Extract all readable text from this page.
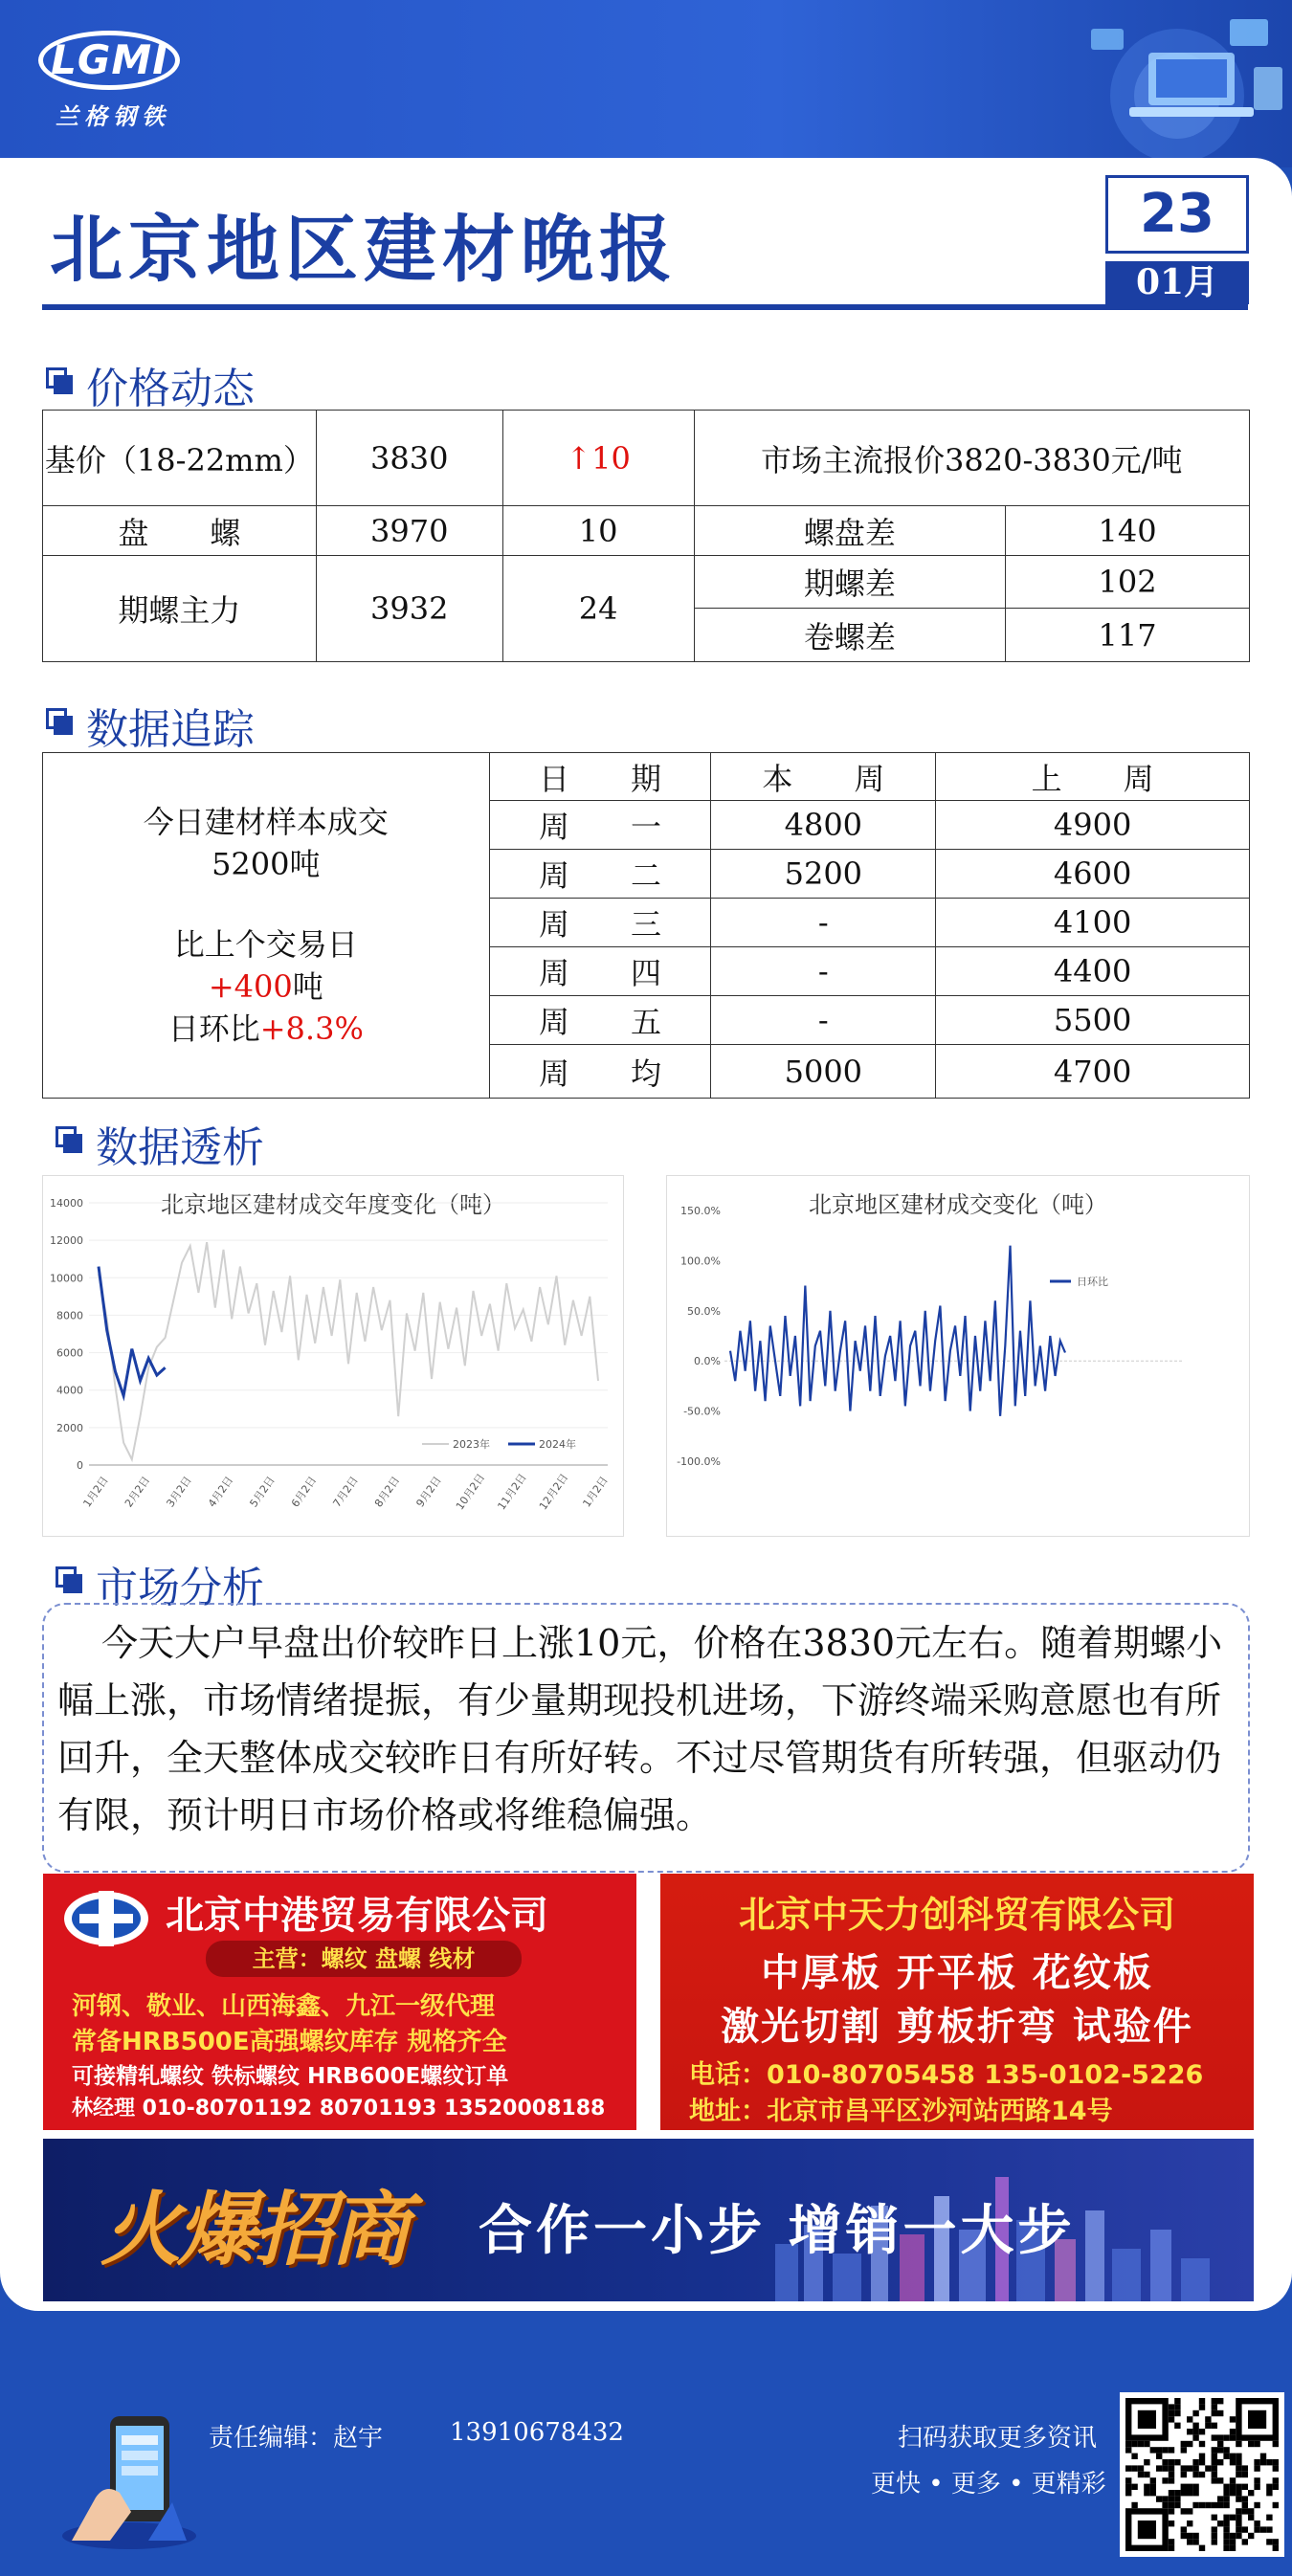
LGMI
兰格钢铁
北京地区建材晚报	23
01月
价格动态
基价（18-22mm）	3830	↑10	市场主流报价3820-3830元/吨	
盘　　螺	3970	10	螺盘差	140
期螺主力	3932	24	期螺差	102
			卷螺差	117
数据追踪
今日建材样本成交
5200吨
比上个交易日
+400吨
日环比+8.3%	日　　期	本　　周	上　　周
	周　　一	4800	4900
	周　　二	5200	4600
	周　　三	-	4100
	周　　四	-	4400
	周　　五	-	5500
	周　　均	5000	4700
数据透析
北京地区建材成交年度变化（吨）
0
2000
4000
6000
8000
10000
12000
14000
1月2日 2月2日 3月2日 4月2日 5月2日 6月2日 7月2日 8月2日 9月2日 10月2日 11月2日 12月2日 1月2日
2023年	2024年
北京地区建材成交变化（吨）
-100.0%
-50.0%
0.0%
50.0%
100.0%
150.0%
日环比
市场分析
今天大户早盘出价较昨日上涨10元，价格在3830元左右。随着期螺小幅上涨，市场情绪提振，有少量期现投机进场，下游终端采购意愿也有所回升，全天整体成交较昨日有所好转。不过尽管期货有所转强，但驱动仍有限，预计明日市场价格或将维稳偏强。
北京中港贸易有限公司
主营：螺纹 盘螺 线材
河钢、敬业、山西海鑫、九江一级代理
常备HRB500E高强螺纹库存 规格齐全
可接精轧螺纹 铁标螺纹 HRB600E螺纹订单
林经理 010-80701192 80701193 13520008188
北京中天力创科贸有限公司
中厚板 开平板 花纹板
激光切割 剪板折弯 试验件
电话：010-80705458 135-0102-5226
地址：北京市昌平区沙河站西路14号
火爆招商 合作一小步 增销一大步
责任编辑：赵宇	13910678432	扫码获取更多资讯
更快 • 更多 • 更精彩
